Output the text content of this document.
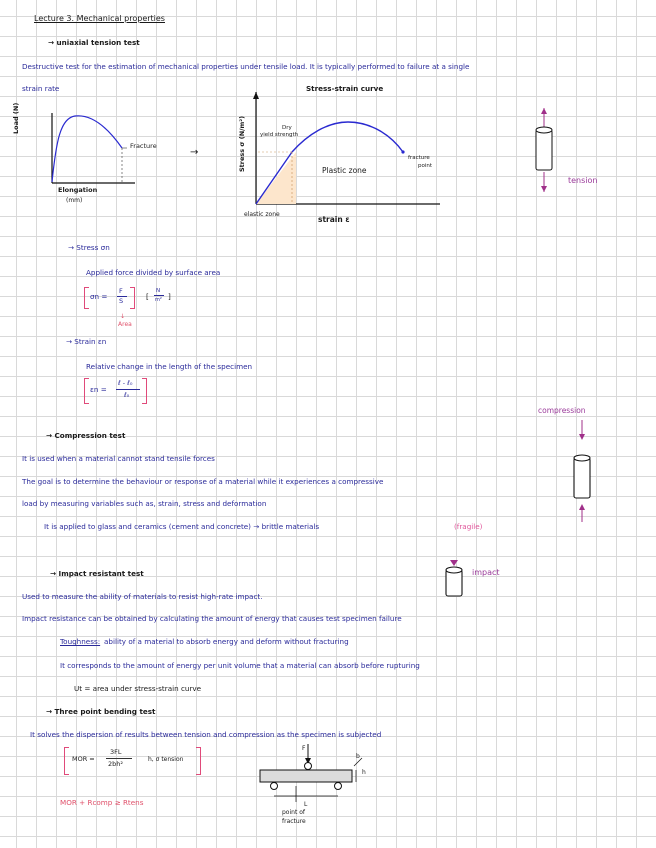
Lecture 3. Mechanical properties
→ uniaxial tension test
Destructive test for the estimation of mechanical properties under tensile load. It is typically performed to failure at a single
strain rate
Load (N)
Fracture
Elongation
(mm)
→
Stress-strain curve
Stress σ (N/m²)	Dry
yield strength
Plastic zone
fracture
point
elastic zone
strain ε
tension
→ Stress σn
Applied force divided by surface area
σn =
F
S	[
N
m² ]
↓
Area
→ Strain εn
Relative change in the length of the specimen
εn =
ℓ - ℓ₀
ℓ₀
compression
→ Compression test
It is used when a material cannot stand tensile forces
The goal is to determine the behaviour or response of a material while it experiences a compressive
load by measuring variables such as, strain, stress and deformation
It is applied to glass and ceramics (cement and concrete) → brittle materials	(fragile)
impact
→ Impact resistant test
Used to measure the ability of materials to resist high-rate impact.
Impact resistance can be obtained by calculating the amount of energy that causes test specimen failure
Toughness: ability of a material to absorb energy and deform without fracturing
It corresponds to the amount of energy per unit volume that a material can absorb before rupturing
Ut = area under stress-strain curve
→ Three point bending test
It solves the dispersion of results between tension and compression as the specimen is subjected
MOR =
3FL
2bh²
h, σ tension
MOR + Rcomp ≥ Rtens
F
b
h
L
point of
fracture
